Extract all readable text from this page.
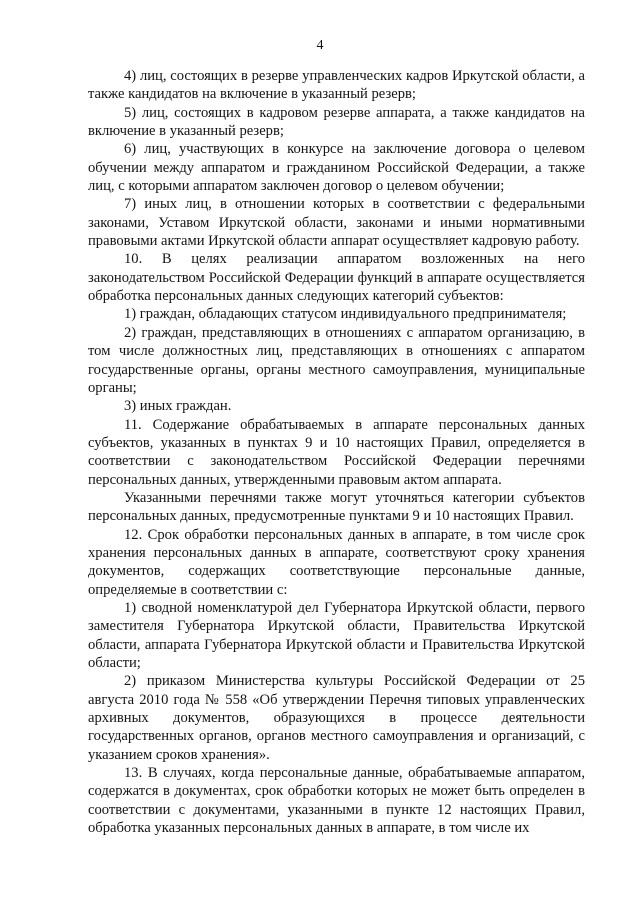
4

4) лиц, состоящих в резерве управленческих кадров Иркутской области, а также кандидатов на включение в указанный резерв;

5) лиц, состоящих в кадровом резерве аппарата, а также кандидатов на включение в указанный резерв;

6) лиц, участвующих в конкурсе на заключение договора о целевом обучении между аппаратом и гражданином Российской Федерации, а также лиц, с которыми аппаратом заключен договор о целевом обучении;

7) иных лиц, в отношении которых в соответствии с федеральными законами, Уставом Иркутской области, законами и иными нормативными правовыми актами Иркутской области аппарат осуществляет кадровую работу.

10. В целях реализации аппаратом возложенных на него законодательством Российской Федерации функций в аппарате осуществляется обработка персональных данных следующих категорий субъектов:

1) граждан, обладающих статусом индивидуального предпринимателя;

2) граждан, представляющих в отношениях с аппаратом организацию, в том числе должностных лиц, представляющих в отношениях с аппаратом государственные органы, органы местного самоуправления, муниципальные органы;

3) иных граждан.

11. Содержание обрабатываемых в аппарате персональных данных субъектов, указанных в пунктах 9 и 10 настоящих Правил, определяется в соответствии с законодательством Российской Федерации перечнями персональных данных, утвержденными правовым актом аппарата.

Указанными перечнями также могут уточняться категории субъектов персональных данных, предусмотренные пунктами 9 и 10 настоящих Правил.

12. Срок обработки персональных данных в аппарате, в том числе срок хранения персональных данных в аппарате, соответствуют сроку хранения документов, содержащих соответствующие персональные данные, определяемые в соответствии с:

1) сводной номенклатурой дел Губернатора Иркутской области, первого заместителя Губернатора Иркутской области, Правительства Иркутской области, аппарата Губернатора Иркутской области и Правительства Иркутской области;

2) приказом Министерства культуры Российской Федерации от 25 августа 2010 года № 558 «Об утверждении Перечня типовых управленческих архивных документов, образующихся в процессе деятельности государственных органов, органов местного самоуправления и организаций, с указанием сроков хранения».

13. В случаях, когда персональные данные, обрабатываемые аппаратом, содержатся в документах, срок обработки которых не может быть определен в соответствии с документами, указанными в пункте 12 настоящих Правил, обработка указанных персональных данных в аппарате, в том числе их
